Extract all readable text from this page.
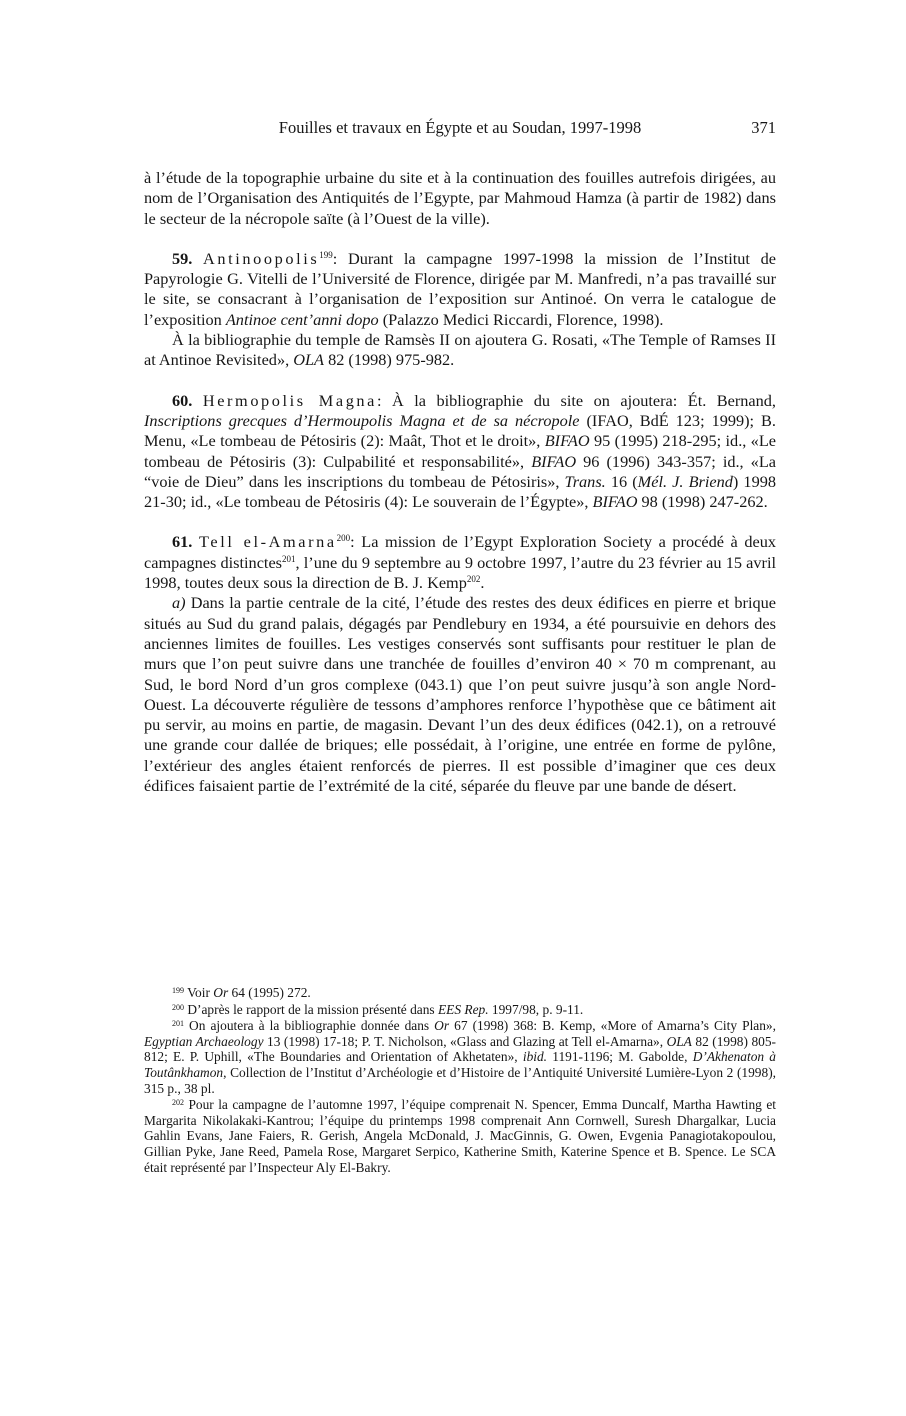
Fouilles et travaux en Égypte et au Soudan, 1997-1998	371

à l’étude de la topographie urbaine du site et à la continuation des fouilles autrefois dirigées, au nom de l’Organisation des Antiquités de l’Egypte, par Mahmoud Hamza (à partir de 1982) dans le secteur de la nécropole saïte (à l’Ouest de la ville).

59. Antinoopolis$^{199}$: Durant la campagne 1997-1998 la mission de l’Institut de Papyrologie G. Vitelli de l’Université de Florence, dirigée par M. Manfredi, n’a pas travaillé sur le site, se consacrant à l’organisation de l’exposition sur Antinoé. On verra le catalogue de l’exposition Antinoe cent’anni dopo (Palazzo Medici Riccardi, Florence, 1998).

À la bibliographie du temple de Ramsès II on ajoutera G. Rosati, «The Temple of Ramses II at Antinoe Revisited», OLA 82 (1998) 975-982.

60. Hermopolis Magna: À la bibliographie du site on ajoutera: Ét. Bernand, Inscriptions grecques d’Hermoupolis Magna et de sa nécropole (IFAO, BdÉ 123; 1999); B. Menu, «Le tombeau de Pétosiris (2): Maât, Thot et le droit», BIFAO 95 (1995) 218-295; id., «Le tombeau de Pétosiris (3): Culpabilité et responsabilité», BIFAO 96 (1996) 343-357; id., «La “voie de Dieu” dans les inscriptions du tombeau de Pétosiris», Trans. 16 (Mél. J. Briend) 1998 21-30; id., «Le tombeau de Pétosiris (4): Le souverain de l’Égypte», BIFAO 98 (1998) 247-262.

61. Tell el-Amarna$^{200}$: La mission de l’Egypt Exploration Society a procédé à deux campagnes distinctes$^{201}$, l’une du 9 septembre au 9 octobre 1997, l’autre du 23 février au 15 avril 1998, toutes deux sous la direction de B. J. Kemp$^{202}$.

a) Dans la partie centrale de la cité, l’étude des restes des deux édifices en pierre et brique situés au Sud du grand palais, dégagés par Pendlebury en 1934, a été poursuivie en dehors des anciennes limites de fouilles. Les vestiges conservés sont suffisants pour restituer le plan de murs que l’on peut suivre dans une tranchée de fouilles d’environ 40 × 70 m comprenant, au Sud, le bord Nord d’un gros complexe (043.1) que l’on peut suivre jusqu’à son angle Nord-Ouest. La découverte régulière de tessons d’amphores renforce l’hypothèse que ce bâtiment ait pu servir, au moins en partie, de magasin. Devant l’un des deux édifices (042.1), on a retrouvé une grande cour dallée de briques; elle possédait, à l’origine, une entrée en forme de pylône, l’extérieur des angles étaient renforcés de pierres. Il est possible d’imaginer que ces deux édifices faisaient partie de l’extrémité de la cité, séparée du fleuve par une bande de désert.

$^{199}$ Voir Or 64 (1995) 272.

$^{200}$ D’après le rapport de la mission présenté dans EES Rep. 1997/98, p. 9-11.

$^{201}$ On ajoutera à la bibliographie donnée dans Or 67 (1998) 368: B. Kemp, «More of Amarna’s City Plan», Egyptian Archaeology 13 (1998) 17-18; P. T. Nicholson, «Glass and Glazing at Tell el-Amarna», OLA 82 (1998) 805-812; E. P. Uphill, «The Boundaries and Orientation of Akhetaten», ibid. 1191-1196; M. Gabolde, D’Akhenaton à Toutânkhamon, Collection de l’Institut d’Archéologie et d’Histoire de l’Antiquité Université Lumière-Lyon 2 (1998), 315 p., 38 pl.

$^{202}$ Pour la campagne de l’automne 1997, l’équipe comprenait N. Spencer, Emma Duncalf, Martha Hawting et Margarita Nikolakaki-Kantrou; l’équipe du printemps 1998 comprenait Ann Cornwell, Suresh Dhargalkar, Lucia Gahlin Evans, Jane Faiers, R. Gerish, Angela McDonald, J. MacGinnis, G. Owen, Evgenia Panagiotakopoulou, Gillian Pyke, Jane Reed, Pamela Rose, Margaret Serpico, Katherine Smith, Katerine Spence et B. Spence. Le SCA était représenté par l’Inspecteur Aly El-Bakry.
